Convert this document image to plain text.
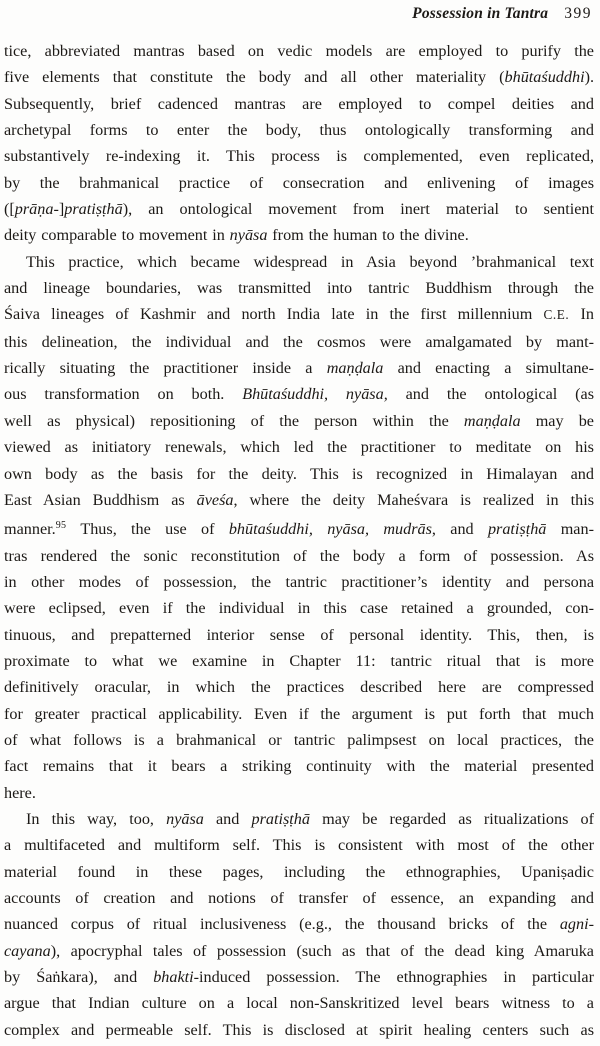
Possession in Tantra 399
tice, abbreviated mantras based on vedic models are employed to purify the
five elements that constitute the body and all other materiality (bhūtaśuddhi).
Subsequently, brief cadenced mantras are employed to compel deities and
archetypal forms to enter the body, thus ontologically transforming and
substantively re-indexing it. This process is complemented, even replicated,
by the brahmanical practice of consecration and enlivening of images
([prāṇa-]pratiṣṭhā), an ontological movement from inert material to sentient
deity comparable to movement in nyāsa from the human to the divine.
This practice, which became widespread in Asia beyond ’brahmanical text
and lineage boundaries, was transmitted into tantric Buddhism through the
Śaiva lineages of Kashmir and north India late in the first millennium C.E. In
this delineation, the individual and the cosmos were amalgamated by mant-
rically situating the practitioner inside a maṇḍala and enacting a simultane-
ous transformation on both. Bhūtaśuddhi, nyāsa, and the ontological (as
well as physical) repositioning of the person within the maṇḍala may be
viewed as initiatory renewals, which led the practitioner to meditate on his
own body as the basis for the deity. This is recognized in Himalayan and
East Asian Buddhism as āveśa, where the deity Maheśvara is realized in this
manner.$^{95}$ Thus, the use of bhūtaśuddhi, nyāsa, mudrās, and pratiṣṭhā man-
tras rendered the sonic reconstitution of the body a form of possession. As
in other modes of possession, the tantric practitioner’s identity and persona
were eclipsed, even if the individual in this case retained a grounded, con-
tinuous, and prepatterned interior sense of personal identity. This, then, is
proximate to what we examine in Chapter 11: tantric ritual that is more
definitively oracular, in which the practices described here are compressed
for greater practical applicability. Even if the argument is put forth that much
of what follows is a brahmanical or tantric palimpsest on local practices, the
fact remains that it bears a striking continuity with the material presented
here.
In this way, too, nyāsa and pratiṣṭhā may be regarded as ritualizations of
a multifaceted and multiform self. This is consistent with most of the other
material found in these pages, including the ethnographies, Upaniṣadic
accounts of creation and notions of transfer of essence, an expanding and
nuanced corpus of ritual inclusiveness (e.g., the thousand bricks of the agni-
cayana), apocryphal tales of possession (such as that of the dead king Amaruka
by Śaṅkara), and bhakti-induced possession. The ethnographies in particular
argue that Indian culture on a local non-Sanskritized level bears witness to a
complex and permeable self. This is disclosed at spirit healing centers such as
